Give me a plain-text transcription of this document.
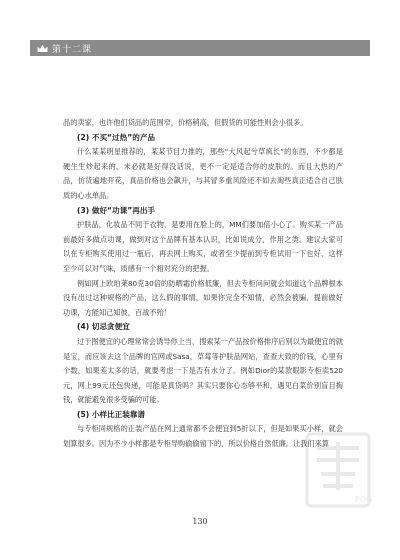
第十二课

品的卖家，也许他们货品的范围窄，价格稍高，但假货的可能性则会小很多。

(2) 不买“过热”的产品

什么某某明星推荐的，某某节目力推的，那些“大风起兮草疯长”的东西，不少都是硬生生炒起来的，未必就是好得没话说，更不一定是适合你的皮肤的。而且大热的产品，仿货遍地开花，真品价格也会飙升，与其冒多重风险还不如去淘些真正适合自己肤质的心水单品。

(3) 做好“功课”再出手

护肤品，化妆品不同于衣物，是要用在脸上的，MM们要加倍小心了。购买某一产品前最好多做点功课，做到对这个品牌有基本认识，比如说成分，作用之类。建议大家可以在专柜购买使用过一瓶后，再去网上购买，或者至少提前到专柜试用一下也好，这样至少可以对气味，质感有一个相对充分的把握。

例如网上欧珀莱80克30倍的防晒霜价格低廉，但去专柜问问就会知道这个品牌根本没有出过这种规格的产品，这么假的事情，如果你完全不知情，必然会被骗，提前做好功课，方能知己知彼，百战不殆！

(4) 切忌贪便宜

过于图便宜的心理常常会诱导你上当，搜索某一产品按价格排序后别以为最便宜的就是宝，而应该去这个品牌的官网或Sasa，草莓等护肤品网站，查查大致的价钱，心里有个数，如果差太多的话，就要考虑一下是否有水分了。例如Dior的某款眼影专柜卖520元，网上99元还包快递，可能是真货吗？其实只要你心态够平和，遇见白菜价别盲目掏钱，就能避免很多受骗的可能。

(5) 小样比正装靠谱

与专柜同规格的正装产品在网上通常都不会便宜到5折以下，但是如果买小样，就会划算很多。因为不少小样都是专柜导购偷偷留下的，所以价格自然低廉。让我们来算

130
POG
